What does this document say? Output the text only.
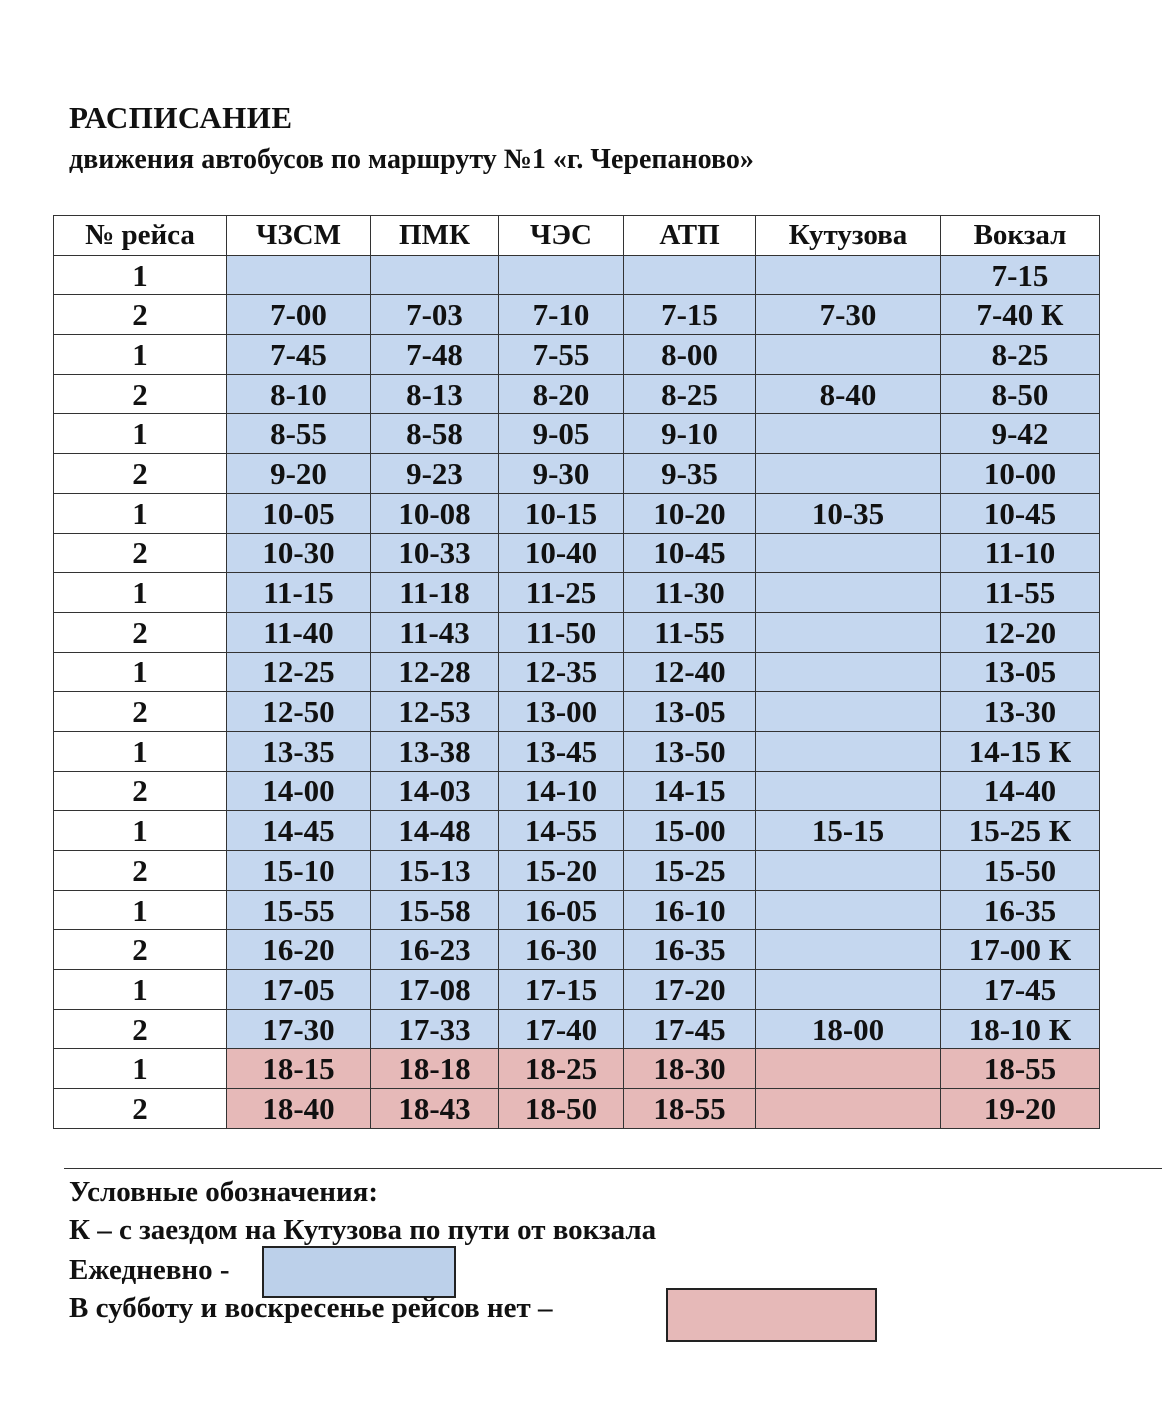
РАСПИСАНИЕ
движения автобусов по маршруту №1 «г. Черепаново»
№ рейса	ЧЗСМ	ПМК	ЧЭС	АТП	Кутузова	Вокзал
1						7-15
2	7-00	7-03	7-10	7-15	7-30	7-40 К
1	7-45	7-48	7-55	8-00		8-25
2	8-10	8-13	8-20	8-25	8-40	8-50
1	8-55	8-58	9-05	9-10		9-42
2	9-20	9-23	9-30	9-35		10-00
1	10-05	10-08	10-15	10-20	10-35	10-45
2	10-30	10-33	10-40	10-45		11-10
1	11-15	11-18	11-25	11-30		11-55
2	11-40	11-43	11-50	11-55		12-20
1	12-25	12-28	12-35	12-40		13-05
2	12-50	12-53	13-00	13-05		13-30
1	13-35	13-38	13-45	13-50		14-15 К
2	14-00	14-03	14-10	14-15		14-40
1	14-45	14-48	14-55	15-00	15-15	15-25 К
2	15-10	15-13	15-20	15-25		15-50
1	15-55	15-58	16-05	16-10		16-35
2	16-20	16-23	16-30	16-35		17-00 К
1	17-05	17-08	17-15	17-20		17-45
2	17-30	17-33	17-40	17-45	18-00	18-10 К
1	18-15	18-18	18-25	18-30		18-55
2	18-40	18-43	18-50	18-55		19-20
Условные обозначения:
К – с заездом на Кутузова по пути от вокзала
Ежедневно -
В субботу и воскресенье рейсов нет –
